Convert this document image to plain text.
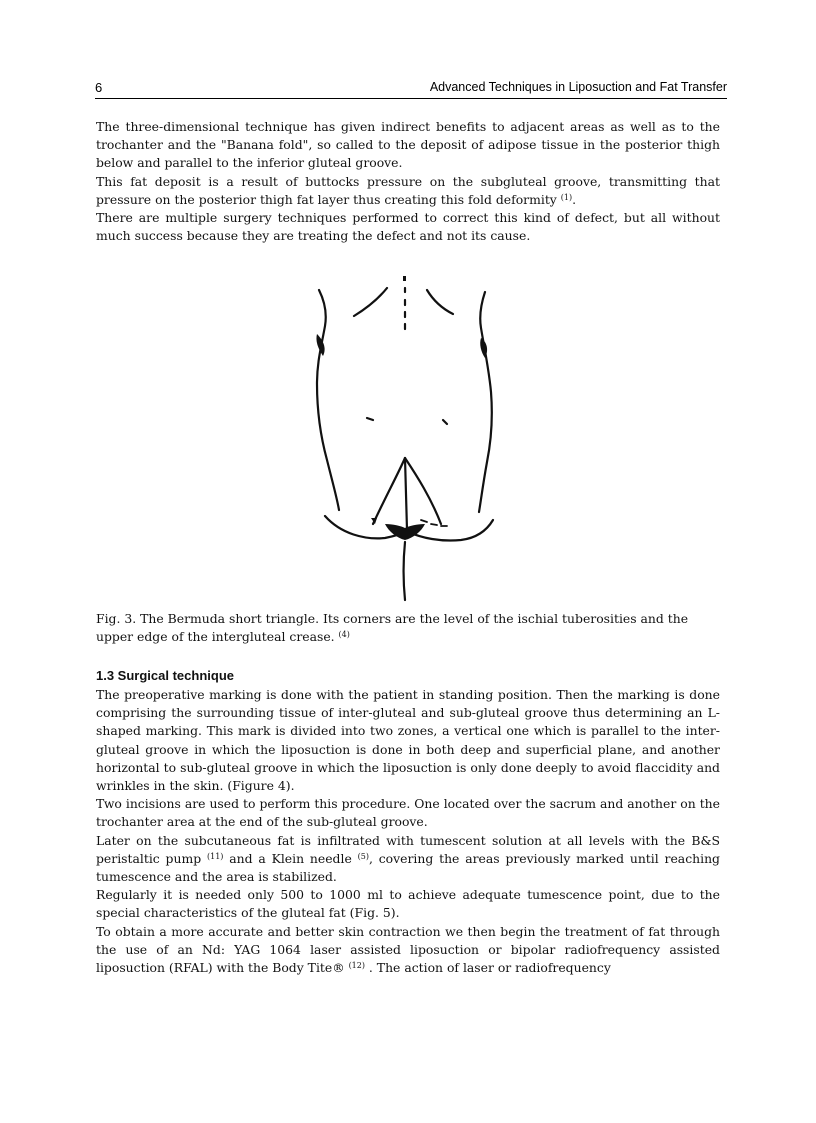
6	Advanced Techniques in Liposuction and Fat Transfer

The three-dimensional technique has given indirect benefits to adjacent areas as well as to the trochanter and the "Banana fold", so called to the deposit of adipose tissue in the posterior thigh below and parallel to the inferior gluteal groove.

This fat deposit is a result of buttocks pressure on the subgluteal groove, transmitting that pressure on the posterior thigh fat layer thus creating this fold deformity $^{(1)}$.

There are multiple surgery techniques performed to correct this kind of defect, but all without much success because they are treating the defect and not its cause.

Fig. 3. The Bermuda short triangle. Its corners are the level of the ischial tuberosities and the upper edge of the intergluteal crease. $^{(4)}$

1.3 Surgical technique

The preoperative marking is done with the patient in standing position. Then the marking is done comprising the surrounding tissue of inter-gluteal and sub-gluteal groove thus determining an L-shaped marking. This mark is divided into two zones, a vertical one which is parallel to the inter-gluteal groove in which the liposuction is done in both deep and superficial plane, and another horizontal to sub-gluteal groove in which the liposuction is only done deeply to avoid flaccidity and wrinkles in the skin. (Figure 4).

Two incisions are used to perform this procedure. One located over the sacrum and another on the trochanter area at the end of the sub-gluteal groove.

Later on the subcutaneous fat is infiltrated with tumescent solution at all levels with the B&S peristaltic pump $^{(11)}$ and a Klein needle $^{(5)}$, covering the areas previously marked until reaching tumescence and the area is stabilized.

Regularly it is needed only 500 to 1000 ml to achieve adequate tumescence point, due to the special characteristics of the gluteal fat (Fig. 5).

To obtain a more accurate and better skin contraction we then begin the treatment of fat through the use of an Nd: YAG 1064 laser assisted liposuction or bipolar radiofrequency assisted liposuction (RFAL) with the Body Tite® $^{(12)}$ . The action of laser or radiofrequency
